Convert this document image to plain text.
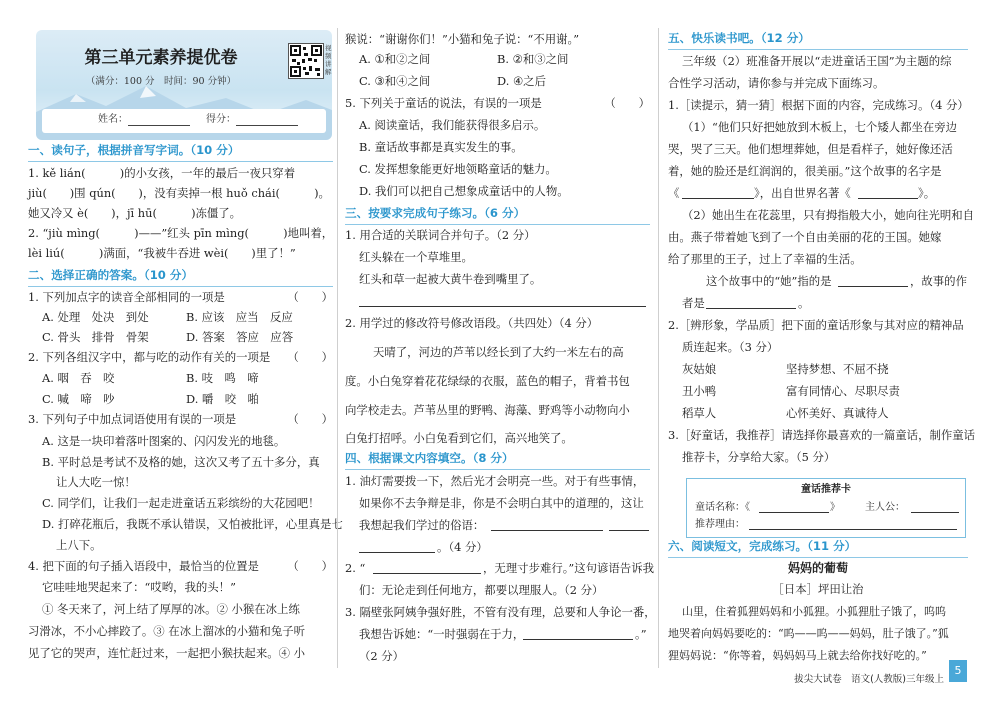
第三单元素养提优卷
（满分：100 分　时间：90 分钟）
视频讲解
姓名：	得分：
一、读句子，根据拼音写字词。（10 分）
1. kě lián(　　　)的小女孩，一年的最后一夜只穿着
jiù(　　)围 qún(　　)，没有卖掉一根 huǒ chái(　　　)。
她又冷又 è(　　)，jī hū(　　　)冻僵了。
2. “jiù mìng(　　　)——”红头 pīn mìng(　　　)地叫着，
lèi liú(　　　)满面，“我被牛吞进 wèi(　　)里了！”
二、选择正确的答案。（10 分）
1. 下列加点字的读音全部相同的一项是	（　　）
A. 处理　处决　到处	B. 应该　应当　反应
C. 骨头　排骨　骨架	D. 答案　答应　应答
2. 下列各组汉字中，都与吃的动作有关的一项是	（　　）
A. 咽　吞　咬	B. 吱　鸣　啼
C. 喊　啼　吵	D. 嚼　咬　啪
3. 下列句子中加点词语使用有误的一项是	（　　）
A. 这是一块印着落叶图案的、闪闪发光的地毯。
B. 平时总是考试不及格的她，这次又考了五十多分，真
让人大吃一惊！
C. 同学们，让我们一起走进童话五彩缤纷的大花园吧！
D. 打碎花瓶后，我既不承认错误，又怕被批评，心里真是七
上八下。
4. 把下面的句子插入语段中，最恰当的位置是	（　　）
它哇哇地哭起来了：“哎哟，我的头！”
① 冬天来了，河上结了厚厚的冰。② 小猴在冰上练
习滑冰，不小心摔跤了。③ 在冰上溜冰的小猫和兔子听
见了它的哭声，连忙赶过来，一起把小猴扶起来。④ 小
猴说：“谢谢你们！”小猫和兔子说：“不用谢。”
A. ①和②之间	B. ②和③之间
C. ③和④之间	D. ④之后
5. 下列关于童话的说法，有误的一项是	（　　）
A. 阅读童话，我们能获得很多启示。
B. 童话故事都是真实发生的事。
C. 发挥想象能更好地领略童话的魅力。
D. 我们可以把自己想象成童话中的人物。
三、按要求完成句子练习。（6 分）
1. 用合适的关联词合并句子。（2 分）
红头躲在一个草堆里。
红头和草一起被大黄牛卷到嘴里了。
2. 用学过的修改符号修改语段。（共四处）（4 分）
天晴了，河边的芦苇以经长到了大约一米左右的高
度。小白兔穿着花花绿绿的衣服，蓝色的帽子，背着书包
向学校走去。芦苇丛里的野鸭、海藻、野鸡等小动物向小
白兔打招呼。小白兔看到它们，高兴地笑了。
四、根据课文内容填空。（8 分）
1. 油灯需要拨一下，然后光才会明亮一些。对于有些事情，
如果你不去争辩是非，你是不会明白其中的道理的，这让
我想起我们学过的俗语：
。（4 分）
2. “	，无理寸步难行。”这句谚语告诉我
们：无论走到任何地方，都要以理服人。（2 分）
3. 隔壁张阿姨争强好胜，不管有没有理，总要和人争论一番，
我想告诉她：“一时强弱在于力，	。”
（2 分）
五、快乐读书吧。（12 分）
三年级（2）班准备开展以“走进童话王国”为主题的综
合性学习活动，请你参与并完成下面练习。
1.［读提示，猜一猜］根据下面的内容，完成练习。（4 分）
（1）“他们只好把她放到木板上，七个矮人都坐在旁边
哭，哭了三天。他们想埋葬她，但是看样子，她好像还活
着，她的脸还是红润润的，很美丽。”这个故事的名字是
《	》，出自世界名著《	》。
（2）她出生在花蕊里，只有拇指般大小，她向往光明和自
由。燕子带着她飞到了一个自由美丽的花的王国。她嫁
给了那里的王子，过上了幸福的生活。
这个故事中的“她”指的是	，故事的作
者是	。
2.［辨形象，学品质］把下面的童话形象与其对应的精神品
质连起来。（3 分）
灰姑娘	坚持梦想、不屈不挠
丑小鸭	富有同情心、尽职尽责
稻草人	心怀美好、真诚待人
3.［好童话，我推荐］请选择你最喜欢的一篇童话，制作童话
推荐卡，分享给大家。（5 分）
童话推荐卡
童话名称：《	》	主人公：
推荐理由：
六、阅读短文，完成练习。（11 分）
妈妈的葡萄
［日本］坪田让治
山里，住着狐狸妈妈和小狐狸。小狐狸肚子饿了，呜呜
地哭着向妈妈要吃的：“呜——呜——妈妈，肚子饿了。”狐
狸妈妈说：“你等着，妈妈妈马上就去给你找好吃的。”
拔尖大试卷　语文(人教版)三年级上
5
